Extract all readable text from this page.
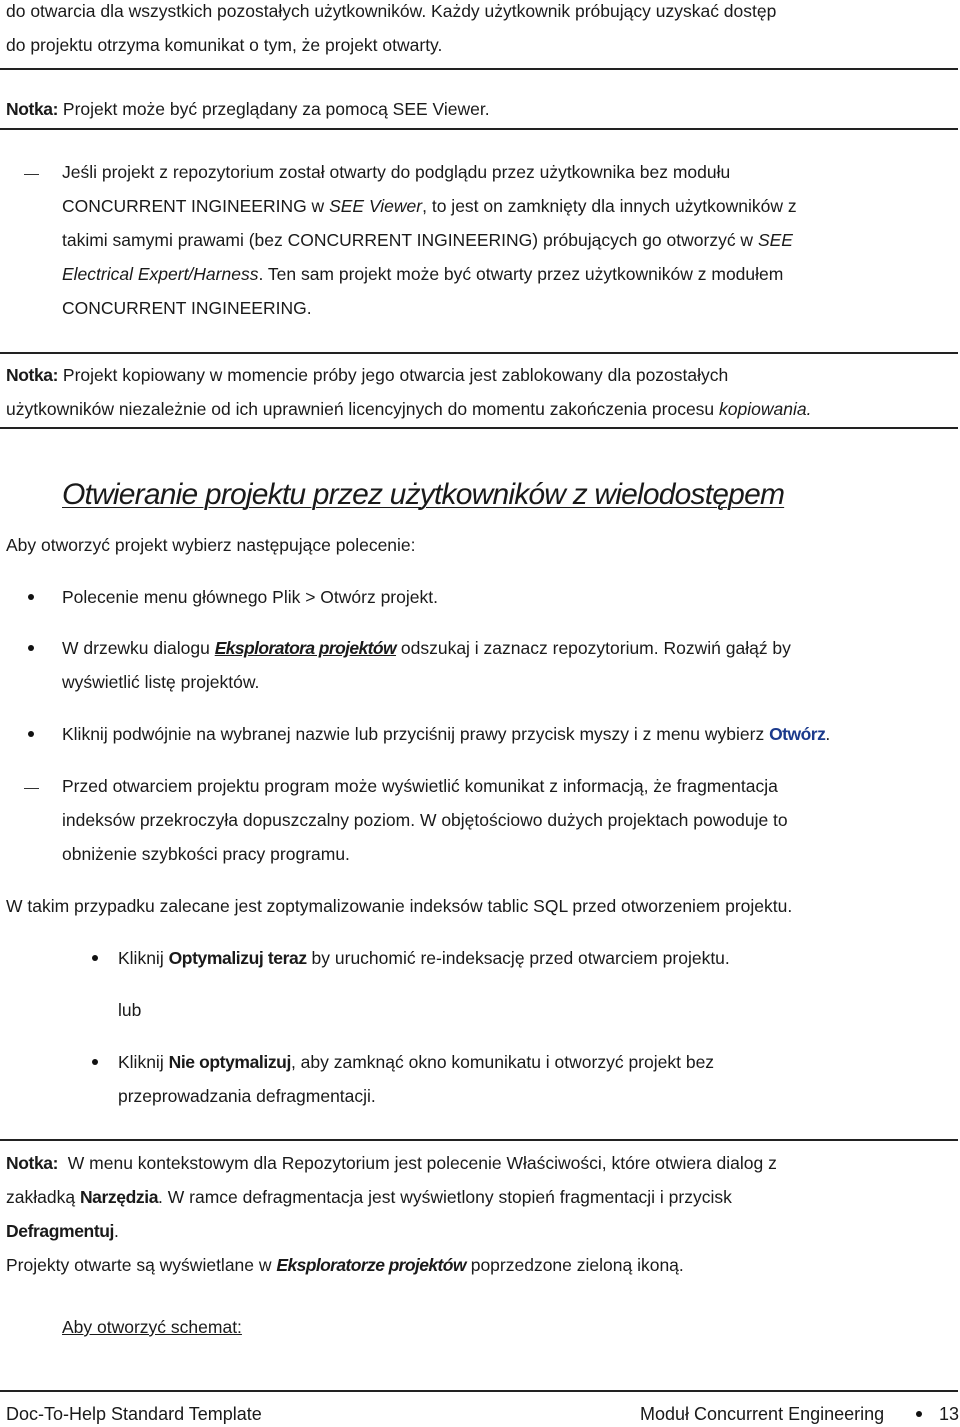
do otwarcia dla wszystkich pozostałych użytkowników. Każdy użytkownik próbujący uzyskać dostęp
do projektu otrzyma komunikat o tym, że projekt otwarty.
Notka: Projekt może być przeglądany za pomocą SEE Viewer.
Jeśli projekt z repozytorium został otwarty do podglądu przez użytkownika bez modułu
CONCURRENT INGINEERING w SEE Viewer, to jest on zamknięty dla innych użytkowników z
takimi samymi prawami (bez CONCURRENT INGINEERING) próbujących go otworzyć w SEE
Electrical Expert/Harness. Ten sam projekt może być otwarty przez użytkowników z modułem
CONCURRENT INGINEERING.
Notka: Projekt kopiowany w momencie próby jego otwarcia jest zablokowany dla pozostałych
użytkowników niezależnie od ich uprawnień licencyjnych do momentu zakończenia procesu kopiowania.
Otwieranie projektu przez użytkowników z wielodostępem
Aby otworzyć projekt wybierz następujące polecenie:
Polecenie menu głównego Plik > Otwórz projekt.
W drzewku dialogu Eksploratora projektów odszukaj i zaznacz repozytorium. Rozwiń gałąź by
wyświetlić listę projektów.
Kliknij podwójnie na wybranej nazwie lub przyciśnij prawy przycisk myszy i z menu wybierz Otwórz.
Przed otwarciem projektu program może wyświetlić komunikat z informacją, że fragmentacja
indeksów przekroczyła dopuszczalny poziom. W objętościowo dużych projektach powoduje to
obniżenie szybkości pracy programu.
W takim przypadku zalecane jest zoptymalizowanie indeksów tablic SQL przed otworzeniem projektu.
Kliknij Optymalizuj teraz by uruchomić re-indeksację przed otwarciem projektu.
lub
Kliknij Nie optymalizuj, aby zamknąć okno komunikatu i otworzyć projekt bez
przeprowadzania defragmentacji.
Notka:  W menu kontekstowym dla Repozytorium jest polecenie Właściwości, które otwiera dialog z
zakładką Narzędzia. W ramce defragmentacja jest wyświetlony stopień fragmentacji i przycisk
Defragmentuj.
Projekty otwarte są wyświetlane w Eksploratorze projektów poprzedzone zieloną ikoną.
Aby otworzyć schemat:
Doc-To-Help Standard Template	Moduł Concurrent Engineering	13
